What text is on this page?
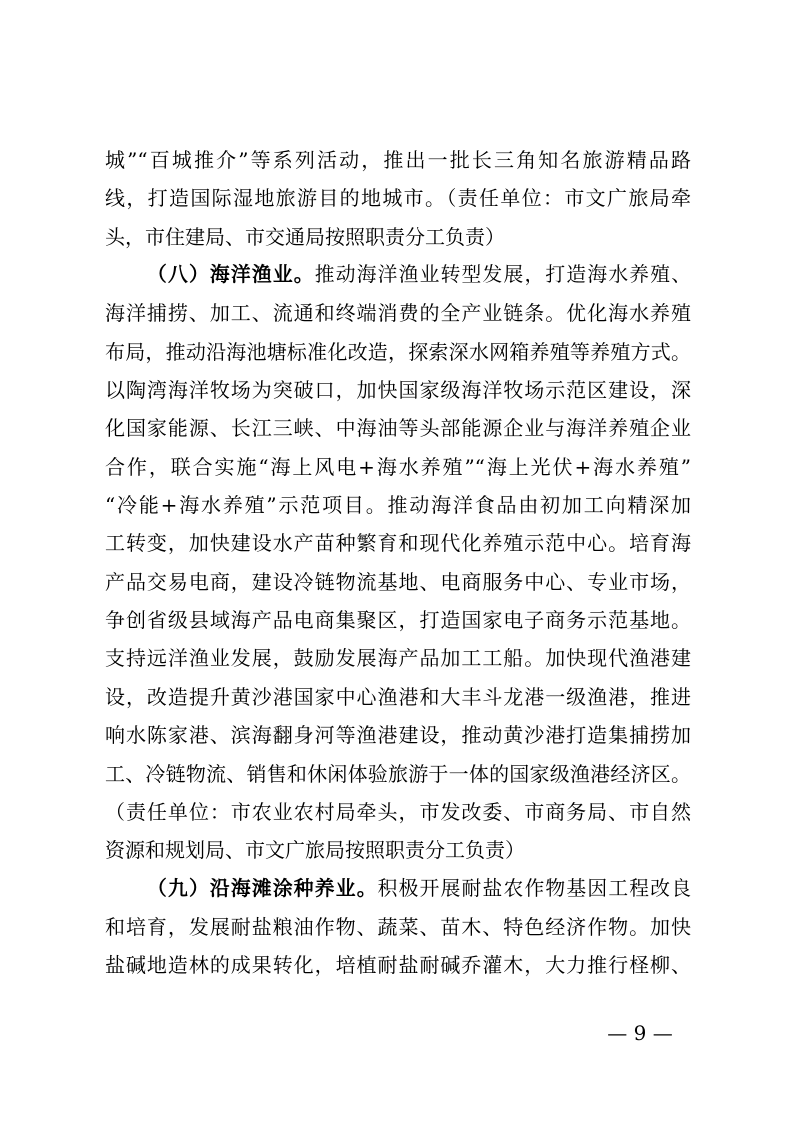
城”“百城推介”等系列活动，推出一批长三角知名旅游精品路
线，打造国际湿地旅游目的地城市。（责任单位：市文广旅局牵
头，市住建局、市交通局按照职责分工负责）
（八）海洋渔业。推动海洋渔业转型发展，打造海水养殖、
海洋捕捞、加工、流通和终端消费的全产业链条。优化海水养殖
布局，推动沿海池塘标准化改造，探索深水网箱养殖等养殖方式。
以陶湾海洋牧场为突破口，加快国家级海洋牧场示范区建设，深
化国家能源、长江三峡、中海油等头部能源企业与海洋养殖企业
合作，联合实施“海上风电+海水养殖”“海上光伏+海水养殖”
“冷能+海水养殖”示范项目。推动海洋食品由初加工向精深加
工转变，加快建设水产苗种繁育和现代化养殖示范中心。培育海
产品交易电商，建设冷链物流基地、电商服务中心、专业市场，
争创省级县域海产品电商集聚区，打造国家电子商务示范基地。
支持远洋渔业发展，鼓励发展海产品加工工船。加快现代渔港建
设，改造提升黄沙港国家中心渔港和大丰斗龙港一级渔港，推进
响水陈家港、滨海翻身河等渔港建设，推动黄沙港打造集捕捞加
工、冷链物流、销售和休闲体验旅游于一体的国家级渔港经济区。
（责任单位：市农业农村局牵头，市发改委、市商务局、市自然
资源和规划局、市文广旅局按照职责分工负责）
（九）沿海滩涂种养业。积极开展耐盐农作物基因工程改良
和培育，发展耐盐粮油作物、蔬菜、苗木、特色经济作物。加快
盐碱地造林的成果转化，培植耐盐耐碱乔灌木，大力推行柽柳、
— 9 —
